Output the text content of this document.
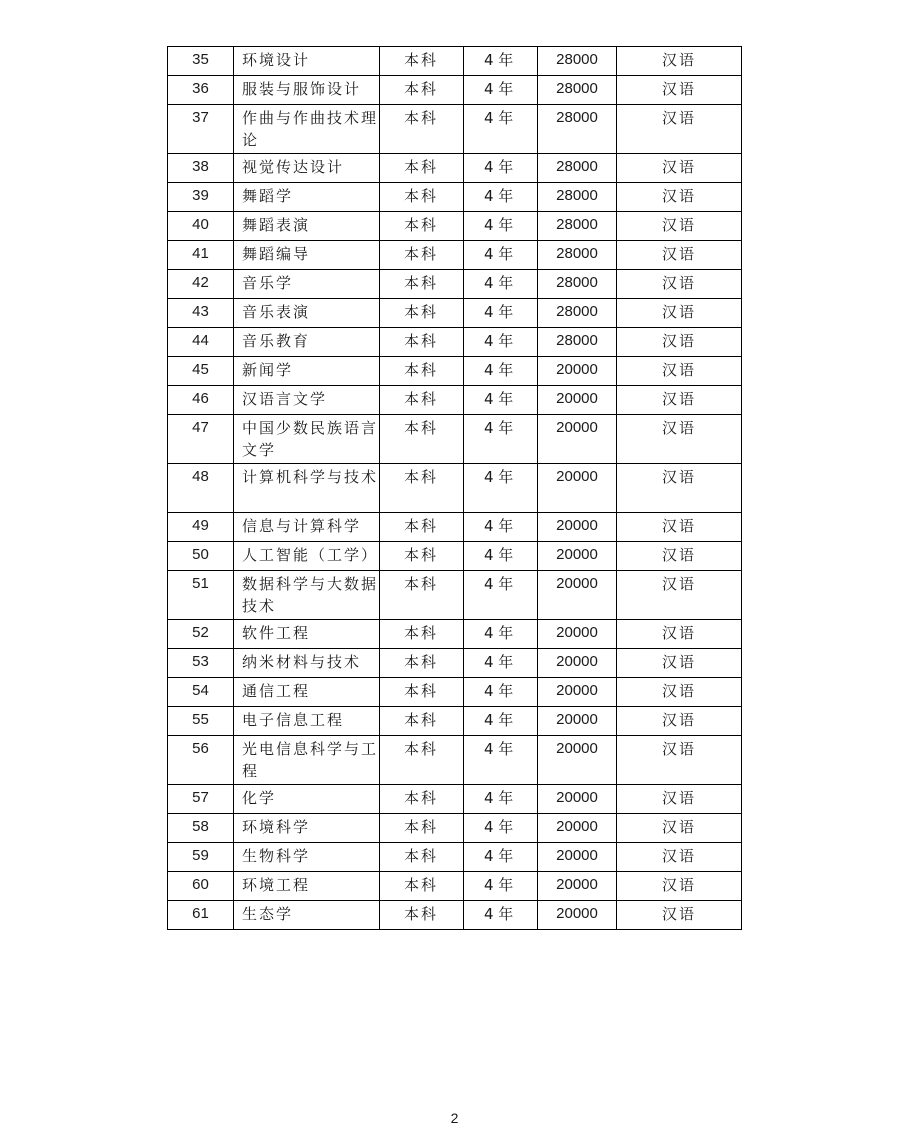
35	环境设计	本科	4 年	28000	汉语
36	服装与服饰设计	本科	4 年	28000	汉语
37	作曲与作曲技术理论	本科	4 年	28000	汉语
38	视觉传达设计	本科	4 年	28000	汉语
39	舞蹈学	本科	4 年	28000	汉语
40	舞蹈表演	本科	4 年	28000	汉语
41	舞蹈编导	本科	4 年	28000	汉语
42	音乐学	本科	4 年	28000	汉语
43	音乐表演	本科	4 年	28000	汉语
44	音乐教育	本科	4 年	28000	汉语
45	新闻学	本科	4 年	20000	汉语
46	汉语言文学	本科	4 年	20000	汉语
47	中国少数民族语言文学	本科	4 年	20000	汉语
48	计算机科学与技术	本科	4 年	20000	汉语
49	信息与计算科学	本科	4 年	20000	汉语
50	人工智能（工学）	本科	4 年	20000	汉语
51	数据科学与大数据技术	本科	4 年	20000	汉语
52	软件工程	本科	4 年	20000	汉语
53	纳米材料与技术	本科	4 年	20000	汉语
54	通信工程	本科	4 年	20000	汉语
55	电子信息工程	本科	4 年	20000	汉语
56	光电信息科学与工程	本科	4 年	20000	汉语
57	化学	本科	4 年	20000	汉语
58	环境科学	本科	4 年	20000	汉语
59	生物科学	本科	4 年	20000	汉语
60	环境工程	本科	4 年	20000	汉语
61	生态学	本科	4 年	20000	汉语
2
